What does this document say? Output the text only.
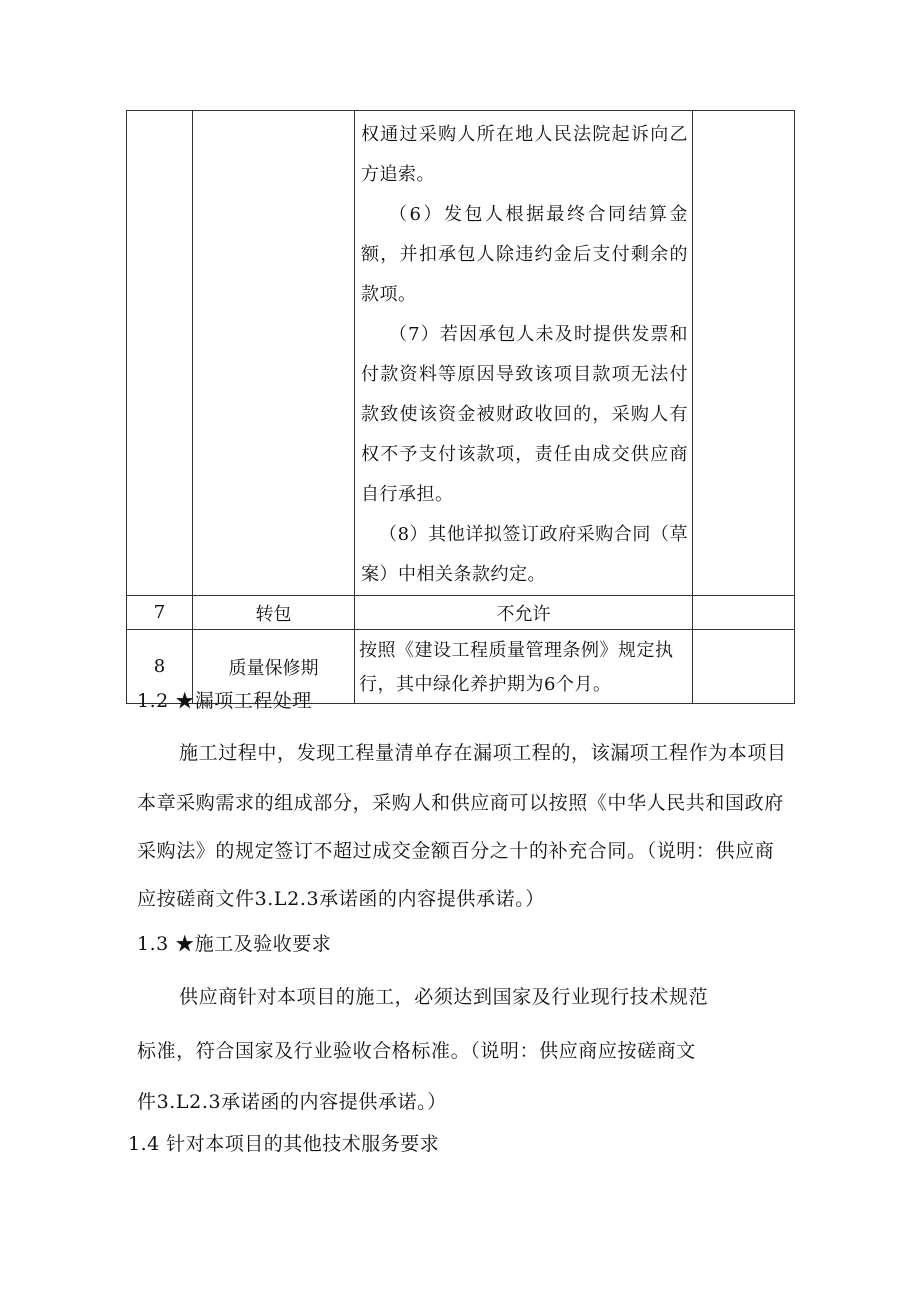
		权通过采购人所在地人民法院起诉向乙方追索。

（6）发包人根据最终合同结算金额，并扣承包人除违约金后支付剩余的款项。

（7）若因承包人未及时提供发票和付款资料等原因导致该项目款项无法付款致使该资金被财政收回的，采购人有权不予支付该款项，责任由成交供应商自行承担。

（8）其他详拟签订政府采购合同（草案）中相关条款约定。	

7	转包	不允许	
8	质量保修期	按照《建设工程质量管理条例》规定执行，其中绿化养护期为6个月。	

1.2 ★漏项工程处理
施工过程中，发现工程量清单存在漏项工程的，该漏项工程作为本项目
本章采购需求的组成部分，采购人和供应商可以按照《中华人民共和国政府
采购法》的规定签订不超过成交金额百分之十的补充合同。（说明：供应商
应按磋商文件3.L2.3承诺函的内容提供承诺。）
1.3 ★施工及验收要求
供应商针对本项目的施工，必须达到国家及行业现行技术规范
标准，符合国家及行业验收合格标准。（说明：供应商应按磋商文
件3.L2.3承诺函的内容提供承诺。）
1.4 针对本项目的其他技术服务要求
